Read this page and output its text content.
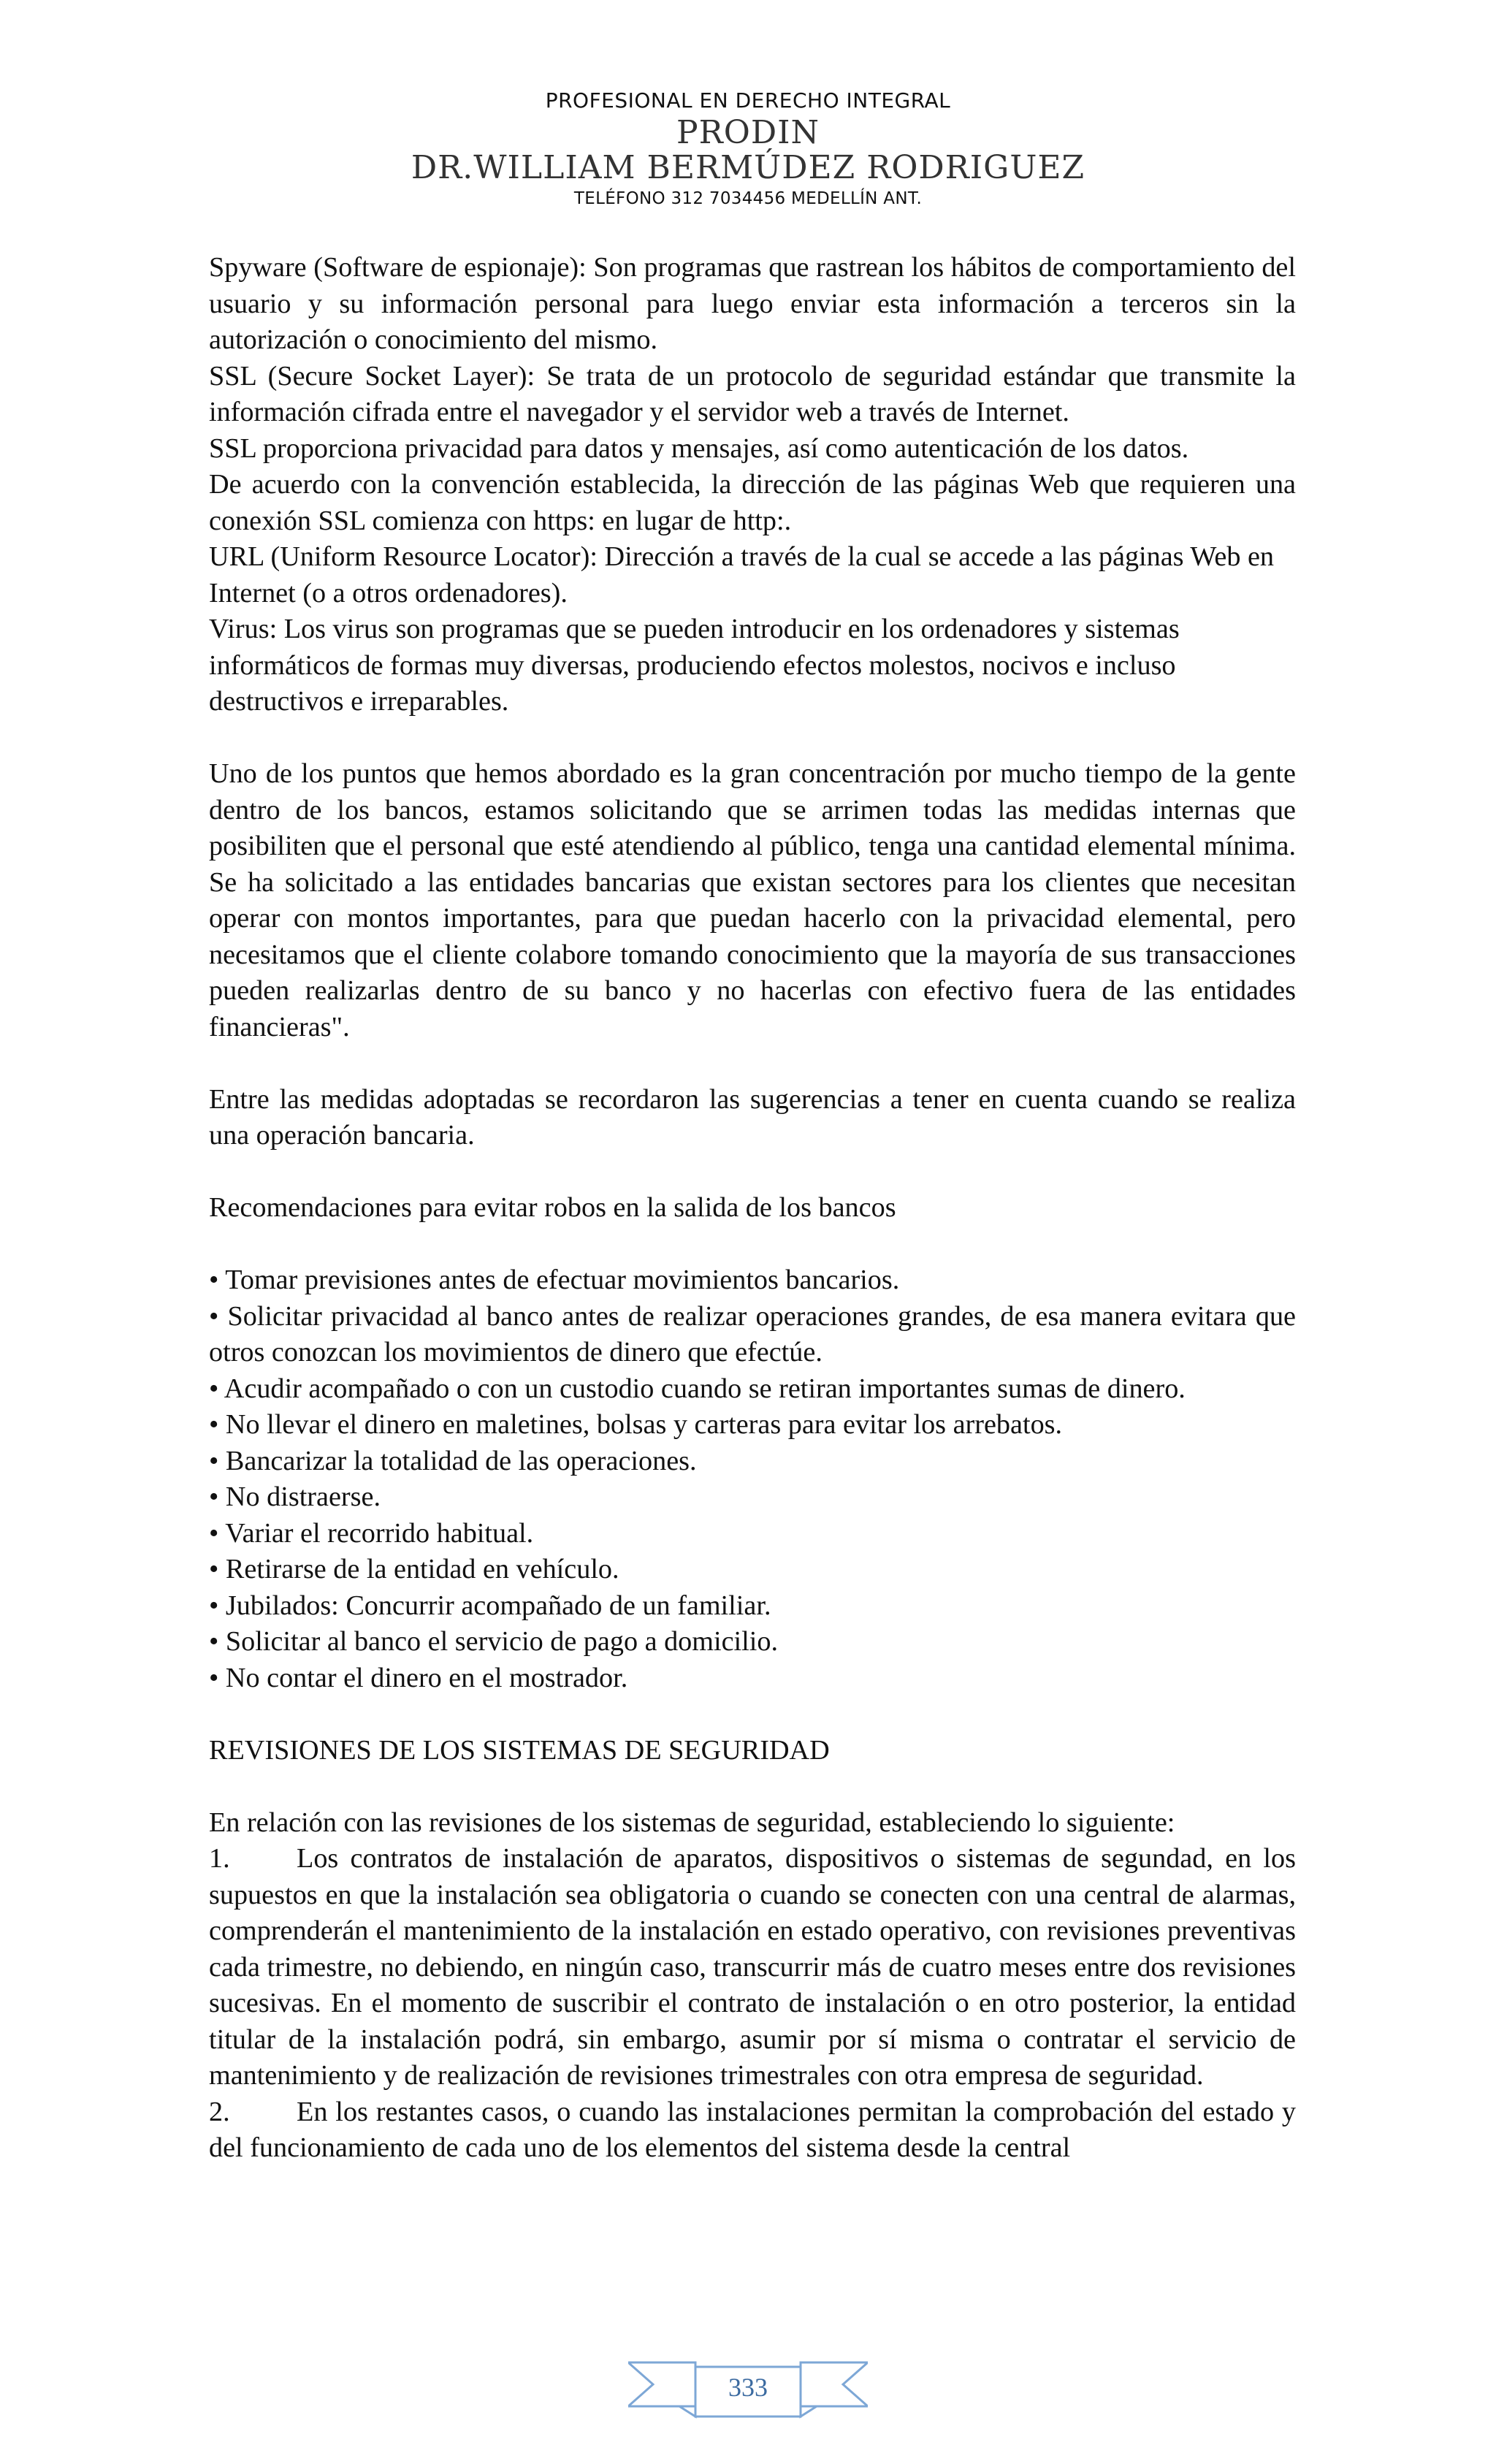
PROFESIONAL EN DERECHO INTEGRAL
PRODIN
DR.WILLIAM BERMÚDEZ RODRIGUEZ
TELÉFONO 312 7034456 MEDELLÍN ANT.

Spyware (Software de espionaje): Son programas que rastrean los hábitos de comportamiento del usuario y su información personal para luego enviar esta información a terceros sin la autorización o conocimiento del mismo.

SSL (Secure Socket Layer): Se trata de un protocolo de seguridad estándar que transmite la información cifrada entre el navegador y el servidor web a través de Internet.

SSL proporciona privacidad para datos y mensajes, así como autenticación de los datos.

De acuerdo con la convención establecida, la dirección de las páginas Web que requieren una conexión SSL comienza con https: en lugar de http:.

URL (Uniform Resource Locator): Dirección a través de la cual se accede a las páginas Web en Internet (o a otros ordenadores).

Virus: Los virus son programas que se pueden introducir en los ordenadores y sistemas informáticos de formas muy diversas, produciendo efectos molestos, nocivos e incluso destructivos e irreparables.

Uno de los puntos que hemos abordado es la gran concentración por mucho tiempo de la gente dentro de los bancos, estamos solicitando que se arrimen todas las medidas internas que posibiliten que el personal que esté atendiendo al público, tenga una cantidad elemental mínima. Se ha solicitado a las entidades bancarias que existan sectores para los clientes que necesitan operar con montos importantes, para que puedan hacerlo con la privacidad elemental, pero necesitamos que el cliente colabore tomando conocimiento que la mayoría de sus transacciones pueden realizarlas dentro de su banco y no hacerlas con efectivo fuera de las entidades financieras".

Entre las medidas adoptadas se recordaron las sugerencias a tener en cuenta cuando se realiza una operación bancaria.

Recomendaciones para evitar robos en la salida de los bancos

• Tomar previsiones antes de efectuar movimientos bancarios.

• Solicitar privacidad al banco antes de realizar operaciones grandes, de esa manera evitara que otros conozcan los movimientos de dinero que efectúe.

• Acudir acompañado o con un custodio cuando se retiran importantes sumas de dinero.

• No llevar el dinero en maletines, bolsas y carteras para evitar los arrebatos.

• Bancarizar la totalidad de las operaciones.

• No distraerse.

• Variar el recorrido habitual.

• Retirarse de la entidad en vehículo.

• Jubilados: Concurrir acompañado de un familiar.

• Solicitar al banco el servicio de pago a domicilio.

• No contar el dinero en el mostrador.

REVISIONES DE LOS SISTEMAS DE SEGURIDAD

En relación con las revisiones de los sistemas de seguridad, estableciendo lo siguiente:

1. Los contratos de instalación de aparatos, dispositivos o sistemas de segundad, en los supuestos en que la instalación sea obligatoria o cuando se conecten con una central de alarmas, comprenderán el mantenimiento de la instalación en estado operativo, con revisiones preventivas cada trimestre, no debiendo, en ningún caso, transcurrir más de cuatro meses entre dos revisiones sucesivas. En el momento de suscribir el contrato de instalación o en otro posterior, la entidad titular de la instalación podrá, sin embargo, asumir por sí misma o contratar el servicio de mantenimiento y de realización de revisiones trimestrales con otra empresa de seguridad.

2. En los restantes casos, o cuando las instalaciones permitan la comprobación del estado y del funcionamiento de cada uno de los elementos del sistema desde la central

333
